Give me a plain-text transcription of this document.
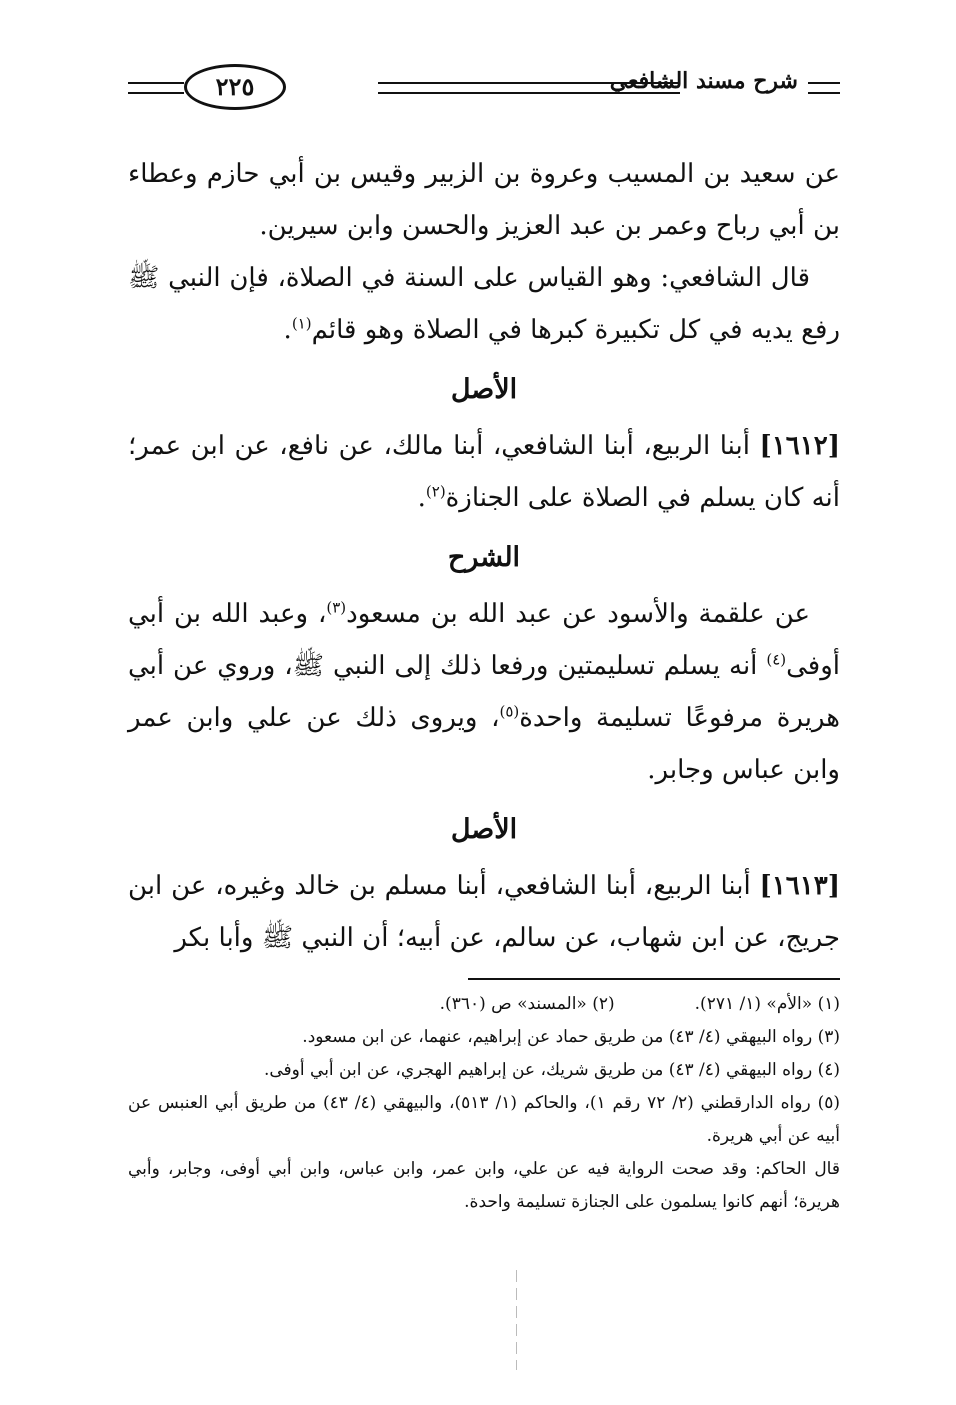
٢٢٥	شرح مسند الشافعي

عن سعيد بن المسيب وعروة بن الزبير وقيس بن أبي حازم وعطاء بن أبي رباح وعمر بن عبد العزيز والحسن وابن سيرين.

قال الشافعي: وهو القياس على السنة في الصلاة، فإن النبي ﷺ رفع يديه في كل تكبيرة كبرها في الصلاة وهو قائم$^{(١)}$.

الأصل

[١٦١٢] أبنا الربيع، أبنا الشافعي، أبنا مالك، عن نافع، عن ابن عمر؛ أنه كان يسلم في الصلاة على الجنازة$^{(٢)}$.

الشرح

عن علقمة والأسود عن عبد الله بن مسعود$^{(٣)}$، وعبد الله بن أبي أوفى$^{(٤)}$ أنه يسلم تسليمتين ورفعا ذلك إلى النبي ﷺ، وروي عن أبي هريرة مرفوعًا تسليمة واحدة$^{(٥)}$، ويروى ذلك عن علي وابن عمر وابن عباس وجابر.

الأصل

[١٦١٣] أبنا الربيع، أبنا الشافعي، أبنا مسلم بن خالد وغيره، عن ابن جريج، عن ابن شهاب، عن سالم، عن أبيه؛ أن النبي ﷺ وأبا بكر

(١) «الأم» (١/ ٢٧١).
(٢) «المسند» ص (٣٦٠).

(٣) رواه البيهقي (٤/ ٤٣) من طريق حماد عن إبراهيم، عنهما، عن ابن مسعود.

(٤) رواه البيهقي (٤/ ٤٣) من طريق شريك، عن إبراهيم الهجري، عن ابن أبي أوفى.

(٥) رواه الدارقطني (٢/ ٧٢ رقم ١)، والحاكم (١/ ٥١٣)، والبيهقي (٤/ ٤٣) من طريق أبي العنبس عن أبيه عن أبي هريرة.

قال الحاكم: وقد صحت الرواية فيه عن علي، وابن عمر، وابن عباس، وابن أبي أوفى، وجابر، وأبي هريرة؛ أنهم كانوا يسلمون على الجنازة تسليمة واحدة.
